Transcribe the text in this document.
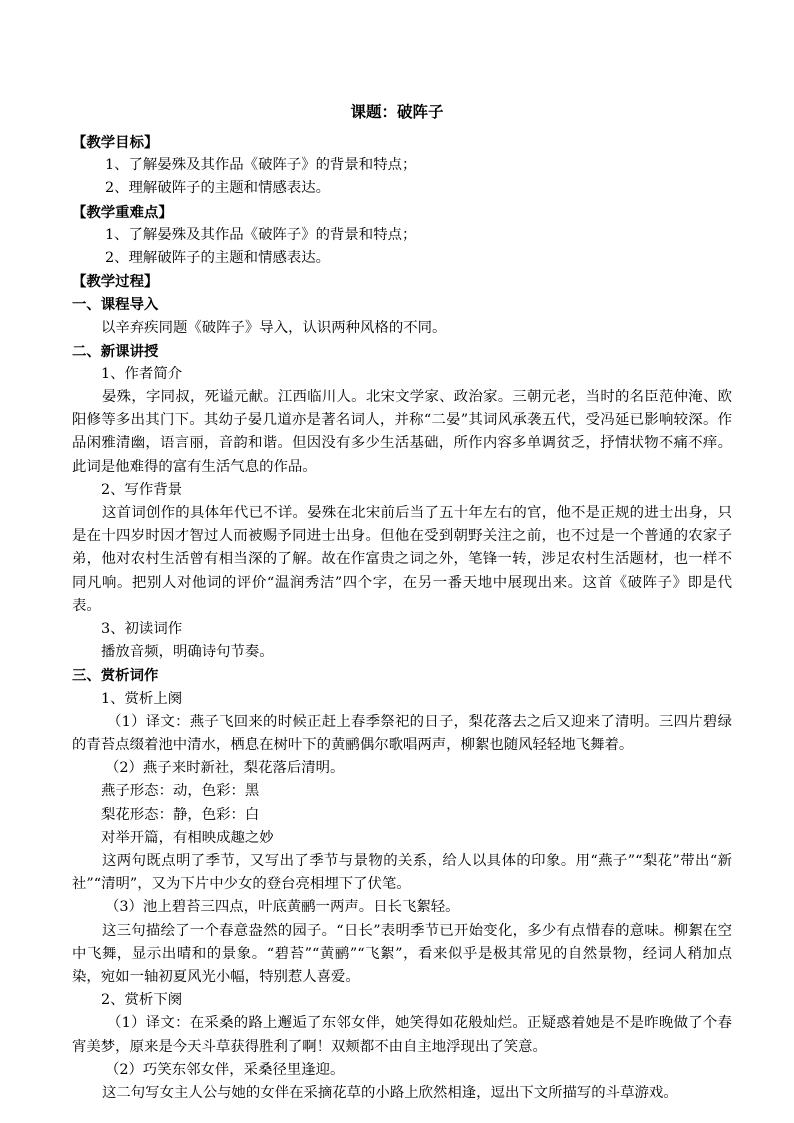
课题：破阵子
【教学目标】
1、了解晏殊及其作品《破阵子》的背景和特点；
2、理解破阵子的主题和情感表达。
【教学重难点】
1、了解晏殊及其作品《破阵子》的背景和特点；
2、理解破阵子的主题和情感表达。
【教学过程】
一、课程导入
以辛弃疾同题《破阵子》导入，认识两种风格的不同。
二、新课讲授
1、作者简介
晏殊，字同叔，死谥元献。江西临川人。北宋文学家、政治家。三朝元老，当时的名臣范仲淹、欧阳修等多出其门下。其幼子晏几道亦是著名词人，并称“二晏”其词风承袭五代，受冯延已影响较深。作品闲雅清幽，语言丽，音韵和谐。但因没有多少生活基础，所作内容多单调贫乏，抒情状物不痛不痒。此词是他难得的富有生活气息的作品。
2、写作背景
这首词创作的具体年代已不详。晏殊在北宋前后当了五十年左右的官，他不是正规的进士出身，只是在十四岁时因才智过人而被赐予同进士出身。但他在受到朝野关注之前，也不过是一个普通的农家子弟，他对农村生活曾有相当深的了解。故在作富贵之词之外，笔锋一转，涉足农村生活题材，也一样不同凡响。把别人对他词的评价“温润秀洁”四个字，在另一番天地中展现出来。这首《破阵子》即是代表。
3、初读词作
播放音频，明确诗句节奏。
三、赏析词作
1、赏析上阕
（1）译文：燕子飞回来的时候正赶上春季祭祀的日子，梨花落去之后又迎来了清明。三四片碧绿的青苔点缀着池中清水，栖息在树叶下的黄鹂偶尔歌唱两声，柳絮也随风轻轻地飞舞着。
（2）燕子来时新社，梨花落后清明。
燕子形态：动，色彩：黑
梨花形态：静，色彩：白
对举开篇，有相映成趣之妙
这两句既点明了季节，又写出了季节与景物的关系，给人以具体的印象。用“燕子”“梨花”带出“新社”“清明”，又为下片中少女的登台亮相埋下了伏笔。
（3）池上碧苔三四点，叶底黄鹂一两声。日长飞絮轻。
这三句描绘了一个春意盎然的园子。“日长”表明季节已开始变化，多少有点惜春的意味。柳絮在空中飞舞，显示出晴和的景象。“碧苔”“黄鹂”“飞絮”，看来似乎是极其常见的自然景物，经词人稍加点染，宛如一轴初夏风光小幅，特别惹人喜爱。
2、赏析下阕
（1）译文：在采桑的路上邂逅了东邻女伴，她笑得如花般灿烂。正疑惑着她是不是昨晚做了个春宵美梦，原来是今天斗草获得胜利了啊！双颊都不由自主地浮现出了笑意。
（2）巧笑东邻女伴，采桑径里逢迎。
这二句写女主人公与她的女伴在采摘花草的小路上欣然相逢，逗出下文所描写的斗草游戏。
